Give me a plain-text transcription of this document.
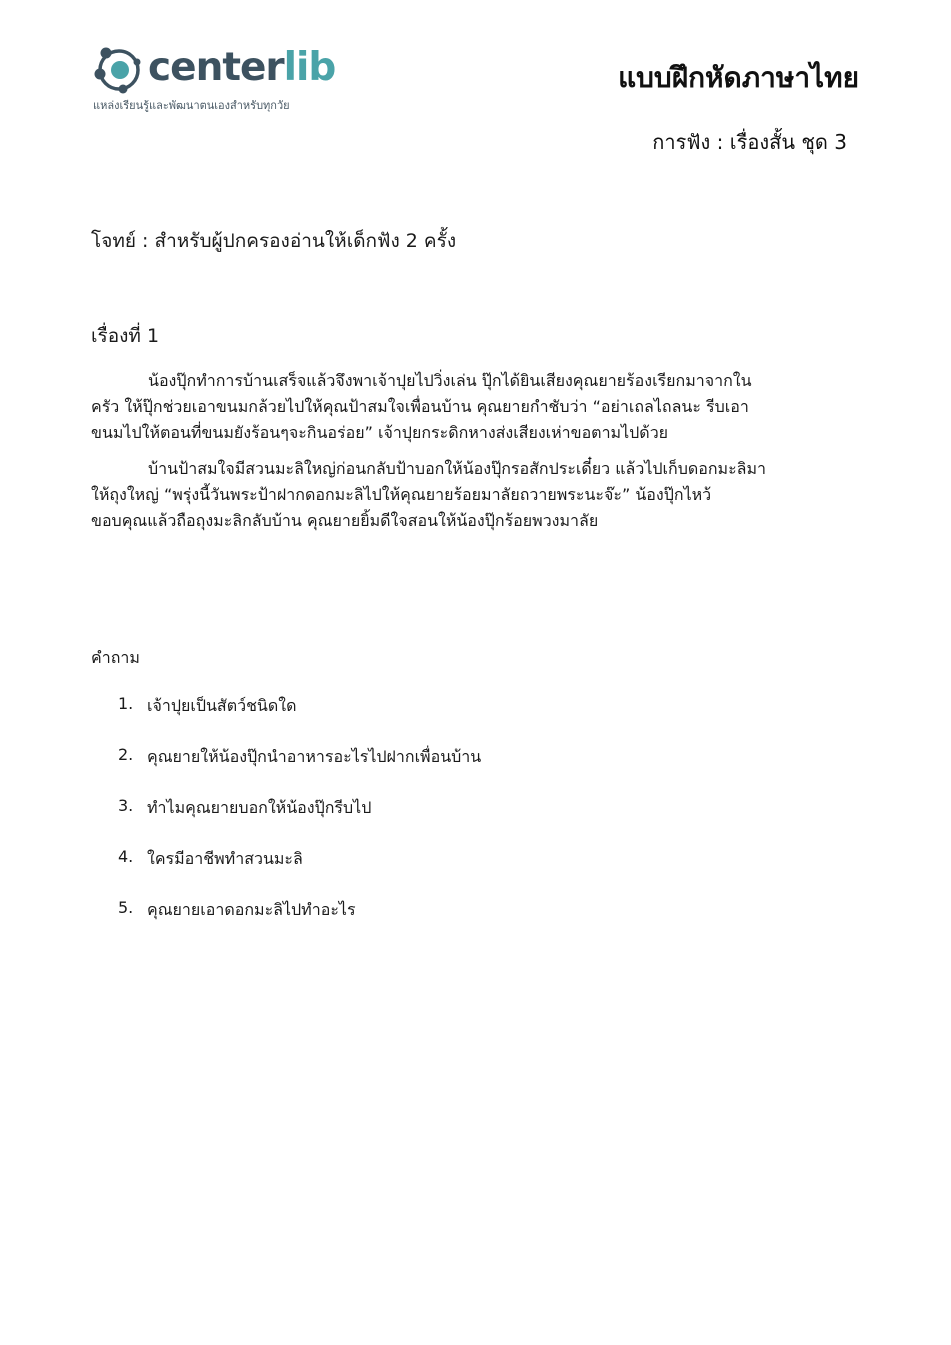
centerlib
แหล่งเรียนรู้และพัฒนาตนเองสำหรับทุกวัย
แบบฝึกหัดภาษาไทย
การฟัง : เรื่องสั้น ชุด 3
โจทย์ : สำหรับผู้ปกครองอ่านให้เด็กฟัง 2 ครั้ง
เรื่องที่ 1

น้องปุ๊กทำการบ้านเสร็จแล้วจึงพาเจ้าปุยไปวิ่งเล่น ปุ๊กได้ยินเสียงคุณยายร้องเรียกมาจากใน
ครัว ให้ปุ๊กช่วยเอาขนมกล้วยไปให้คุณป้าสมใจเพื่อนบ้าน คุณยายกำชับว่า “อย่าเถลไถลนะ รีบเอา
ขนมไปให้ตอนที่ขนมยังร้อนๆจะกินอร่อย” เจ้าปุยกระดิกหางส่งเสียงเห่าขอตามไปด้วย

บ้านป้าสมใจมีสวนมะลิใหญ่ก่อนกลับป้าบอกให้น้องปุ๊กรอสักประเดี๋ยว แล้วไปเก็บดอกมะลิมา
ให้ถุงใหญ่ “พรุ่งนี้วันพระป้าฝากดอกมะลิไปให้คุณยายร้อยมาลัยถวายพระนะจ๊ะ” น้องปุ๊กไหว้
ขอบคุณแล้วถือถุงมะลิกลับบ้าน คุณยายยิ้มดีใจสอนให้น้องปุ๊กร้อยพวงมาลัย

คำถาม
1. เจ้าปุยเป็นสัตว์ชนิดใด
2. คุณยายให้น้องปุ๊กนำอาหารอะไรไปฝากเพื่อนบ้าน
3. ทำไมคุณยายบอกให้น้องปุ๊กรีบไป
4. ใครมีอาชีพทำสวนมะลิ
5. คุณยายเอาดอกมะลิไปทำอะไร
